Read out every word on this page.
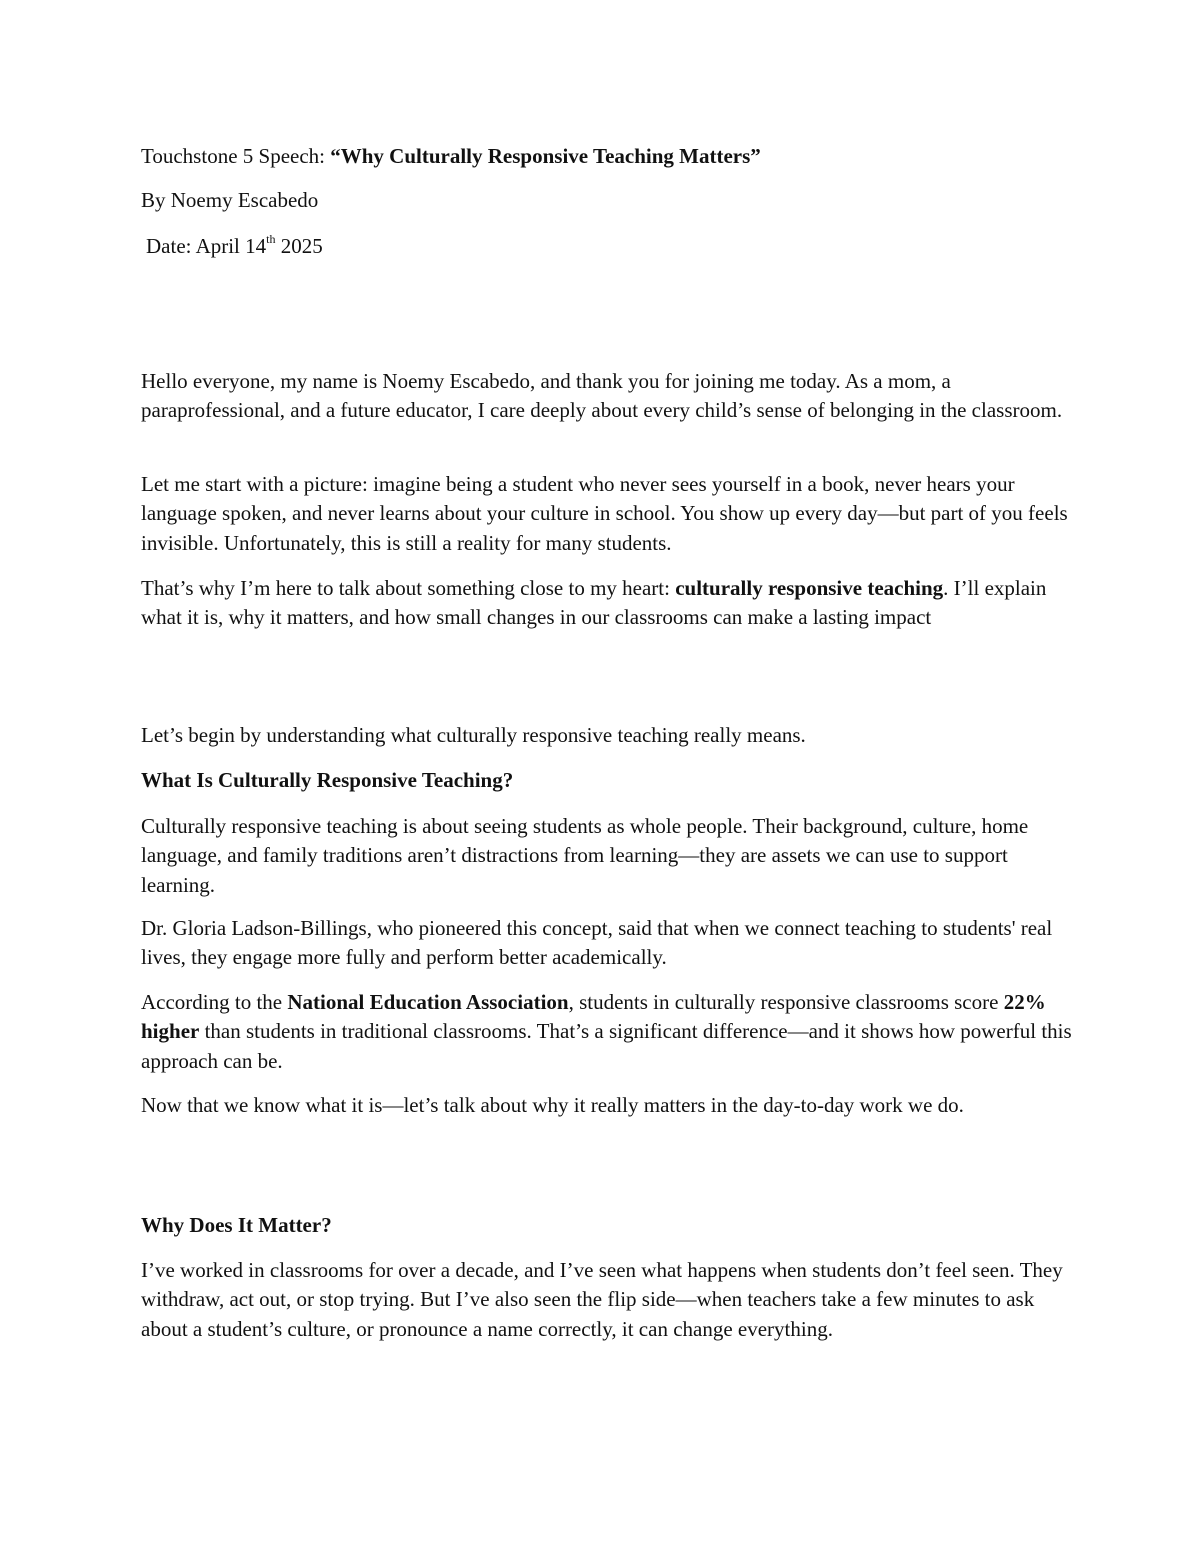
Touchstone 5 Speech: “Why Culturally Responsive Teaching Matters”

By Noemy Escabedo

Date: April 14th 2025

Hello everyone, my name is Noemy Escabedo, and thank you for joining me today. As a mom, a paraprofessional, and a future educator, I care deeply about every child’s sense of belonging in the classroom.

Let me start with a picture: imagine being a student who never sees yourself in a book, never hears your language spoken, and never learns about your culture in school. You show up every day—but part of you feels invisible. Unfortunately, this is still a reality for many students.

That’s why I’m here to talk about something close to my heart: culturally responsive teaching. I’ll explain what it is, why it matters, and how small changes in our classrooms can make a lasting impact

Let’s begin by understanding what culturally responsive teaching really means.

What Is Culturally Responsive Teaching?

Culturally responsive teaching is about seeing students as whole people. Their background, culture, home language, and family traditions aren’t distractions from learning—they are assets we can use to support learning.

Dr. Gloria Ladson-Billings, who pioneered this concept, said that when we connect teaching to students' real lives, they engage more fully and perform better academically.

According to the National Education Association, students in culturally responsive classrooms score 22% higher than students in traditional classrooms. That’s a significant difference—and it shows how powerful this approach can be.

Now that we know what it is—let’s talk about why it really matters in the day-to-day work we do.

Why Does It Matter?

I’ve worked in classrooms for over a decade, and I’ve seen what happens when students don’t feel seen. They withdraw, act out, or stop trying. But I’ve also seen the flip side—when teachers take a few minutes to ask about a student’s culture, or pronounce a name correctly, it can change everything.
